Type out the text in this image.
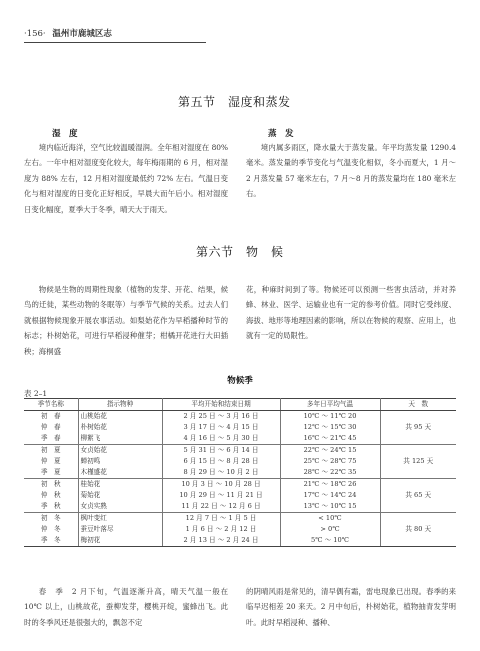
·156· 温州市鹿城区志
第五节　湿度和蒸发
湿　度

境内临近海洋，空气比较温暖湿润。全年相对湿度在 80% 左右。一年中相对湿度变化较大，每年梅雨期的 6 月，相对湿度为 88% 左右，12 月相对湿度最低约 72% 左右。气温日变化与相对湿度的日变化正好相反，早晨大而午后小。相对湿度日变化幅度，夏季大于冬季，晴天大于雨天。

蒸　发

境内属多雨区，降水量大于蒸发量。年平均蒸发量 1290.4 毫米。蒸发量的季节变化与气温变化相似，冬小而夏大，1 月～2 月蒸发量 57 毫米左右，7 月～8 月的蒸发量均在 180 毫米左右。

第六节　物　候

物候是生物的周期性现象（植物的发芽、开花、结果，候鸟的迁徙，某些动物的冬眠等）与季节气候的关系。过去人们就根据物候现象开展农事活动。如梨始花作为早稻播种时节的标志；朴树始花，可进行早稻浸种催芽；柑橘开花进行大田插秧；海桐盛

花，种麻时间到了等。物候还可以预测一些害虫活动，并对养蜂、林业、医学、运输业也有一定的参考价值。同时它受纬度、海拔、地形等地理因素的影响，所以在物候的观察、应用上，也就有一定的局限性。

物候季
表 2–1
季节名称	指示物种	平均开始和结束日期	多年日平均气温	天　数
初　春	山桃始花	2 月 25 日 ～ 3 月 16 日	10℃ ～ 11℃ 20	共 95 天
仲　春	朴树始花	3 月 17 日 ～ 4 月 15 日	12℃ ～ 15℃ 30	
季　春	柳絮飞	4 月 16 日 ～ 5 月 30 日	16℃ ～ 21℃ 45	
初　夏	女贞始花	5 月 31 日 ～ 6 月 14 日	22℃ ～ 24℃ 15	共 125 天
仲　夏	蝉初鸣	6 月 15 日 ～ 8 月 28 日	25℃ ～ 28℃ 75	
季　夏	木槿盛花	8 月 29 日 ～ 10 月 2 日	28℃ ～ 22℃ 35	
初　秋	桂始花	10 月 3 日 ～ 10 月 28 日	21℃ ～ 18℃ 26	共 65 天
仲　秋	菊始花	10 月 29 日 ～ 11 月 21 日	17℃ ～ 14℃ 24	
季　秋	女贞实熟	11 月 22 日 ～ 12 月 6 日	13℃ ～ 10℃ 15	
初　冬	枫叶变红	12 月 7 日 ～ 1 月 5 日	< 10℃	共 80 天
仲　冬	蚕豆叶落尽	1 月 6 日 ～ 2 月 12 日	> 0℃	
季　冬	梅初花	2 月 13 日 ～ 2 月 24 日	5℃ ～ 10℃	

春　季　2 月下旬，气温逐渐升高，晴天气温一般在 10℃ 以上，山桃故花，蚕柳发芽，樱桃开绽，蜜蜂出飞。此时的冬季风还是很强大的，飘忽不定

的阴晴风雨是常见的，清早偶有霜，雷电现象已出现。春季的来临早迟相差 20 来天。2 月中旬后，朴树始花，植物抽青发芽明叶。此时早稻浸种、播种、
